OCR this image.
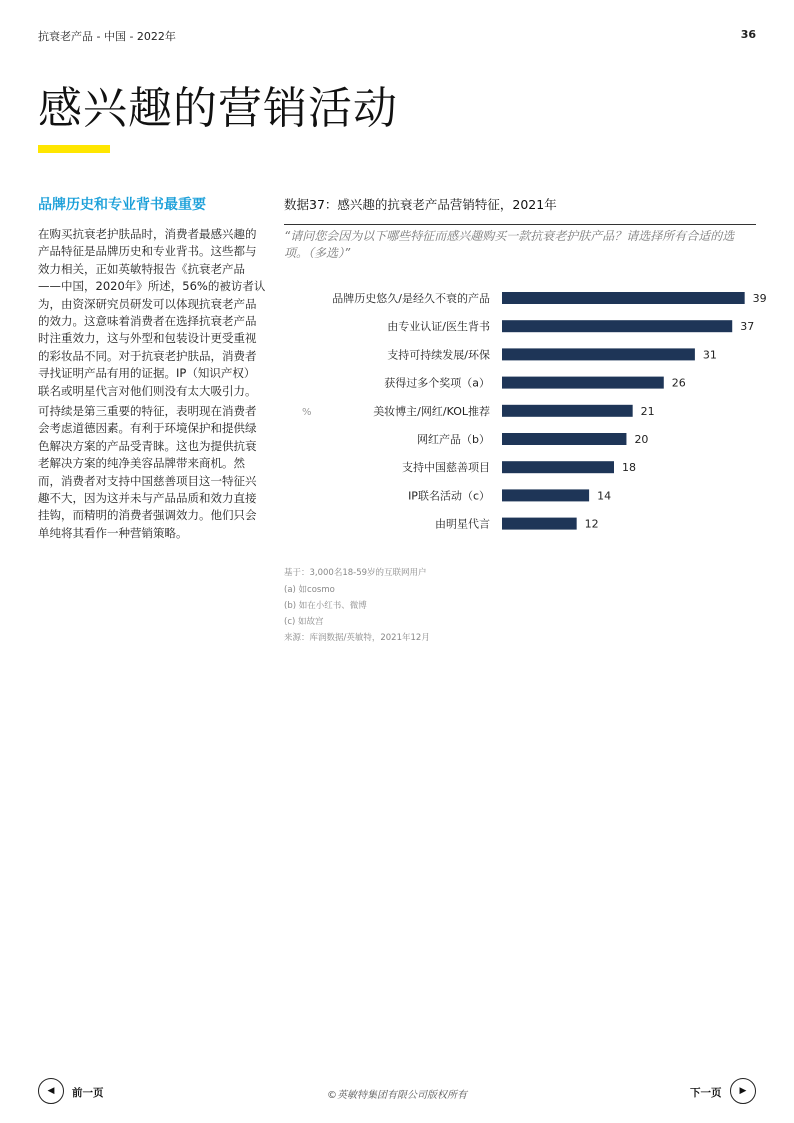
抗衰老产品 - 中国 - 2022年	36
感兴趣的营销活动
品牌历史和专业背书最重要

在购买抗衰老护肤品时，消费者最感兴趣的产品特征是品牌历史和专业背书。这些都与效力相关，正如英敏特报告《抗衰老产品——中国，2020年》所述，56%的被访者认为，由资深研究员研发可以体现抗衰老产品的效力。这意味着消费者在选择抗衰老产品时注重效力，这与外型和包装设计更受重视的彩妆品不同。对于抗衰老护肤品，消费者寻找证明产品有用的证据。IP（知识产权）联名或明星代言对他们则没有太大吸引力。

可持续是第三重要的特征，表明现在消费者会考虑道德因素。有利于环境保护和提供绿色解决方案的产品受青睐。这也为提供抗衰老解决方案的纯净美容品牌带来商机。然而，消费者对支持中国慈善项目这一特征兴趣不大，因为这并未与产品品质和效力直接挂钩，而精明的消费者强调效力。他们只会单纯将其看作一种营销策略。

数据37：感兴趣的抗衰老产品营销特征，2021年
“请问您会因为以下哪些特征而感兴趣购买一款抗衰老护肤产品？请选择所有合适的选项。（多选）”
%
品牌历史悠久/是经久不衰的产品	39
由专业认证/医生背书	37
支持可持续发展/环保	31
获得过多个奖项（a）	26
美妆博主/网红/KOL推荐	21
网红产品（b）	20
支持中国慈善项目	18
IP联名活动（c）	14
由明星代言	12
基于：3,000名18-59岁的互联网用户
(a) 如cosmo
(b) 如在小红书、微博
(c) 如故宫
来源：库润数据/英敏特，2021年12月
◀ 前一页	©英敏特集团有限公司版权所有	下一页 ▶
